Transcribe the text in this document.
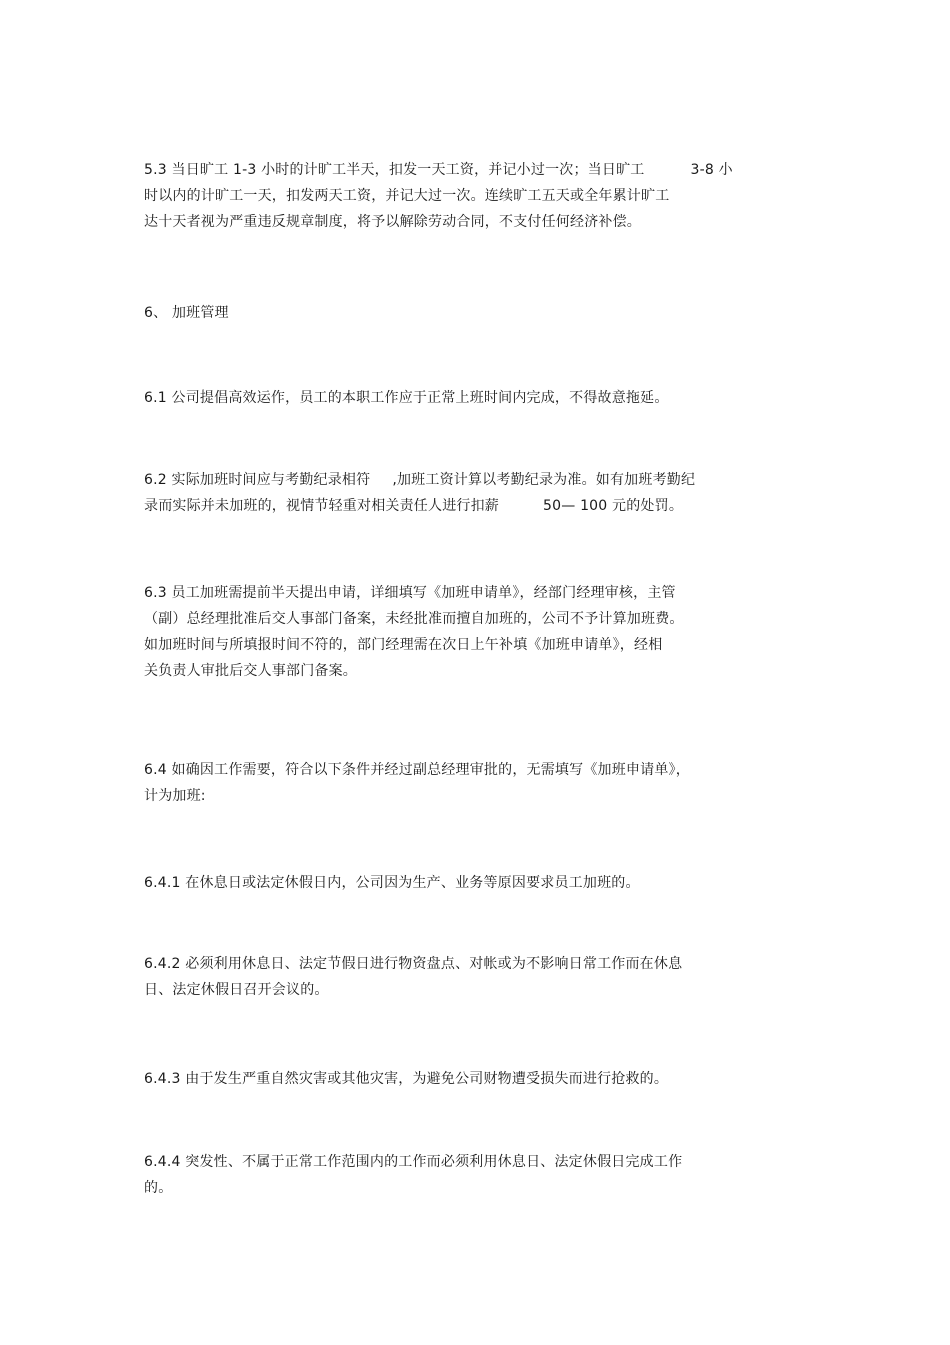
5.3 当日旷工 1-3 小时的计旷工半天，扣发一天工资，并记小过一次；当日旷工	3-8 小
时以内的计旷工一天，扣发两天工资，并记大过一次。连续旷工五天或全年累计旷工
达十天者视为严重违反规章制度，将予以解除劳动合同，不支付任何经济补偿。
6、 加班管理
6.1 公司提倡高效运作，员工的本职工作应于正常上班时间内完成，不得故意拖延。
6.2 实际加班时间应与考勤纪录相符 ,加班工资计算以考勤纪录为准。如有加班考勤纪
录而实际并未加班的，视情节轻重对相关责任人进行扣薪	50— 100 元的处罚。
6.3 员工加班需提前半天提出申请，详细填写《加班申请单》，经部门经理审核，主管
（副）总经理批准后交人事部门备案，未经批准而擅自加班的，公司不予计算加班费。
如加班时间与所填报时间不符的，部门经理需在次日上午补填《加班申请单》，经相
关负责人审批后交人事部门备案。
6.4 如确因工作需要，符合以下条件并经过副总经理审批的，无需填写《加班申请单》，
计为加班:
6.4.1 在休息日或法定休假日内，公司因为生产、业务等原因要求员工加班的。
6.4.2 必须利用休息日、法定节假日进行物资盘点、对帐或为不影响日常工作而在休息
日、法定休假日召开会议的。
6.4.3 由于发生严重自然灾害或其他灾害，为避免公司财物遭受损失而进行抢救的。
6.4.4 突发性、不属于正常工作范围内的工作而必须利用休息日、法定休假日完成工作
的。
